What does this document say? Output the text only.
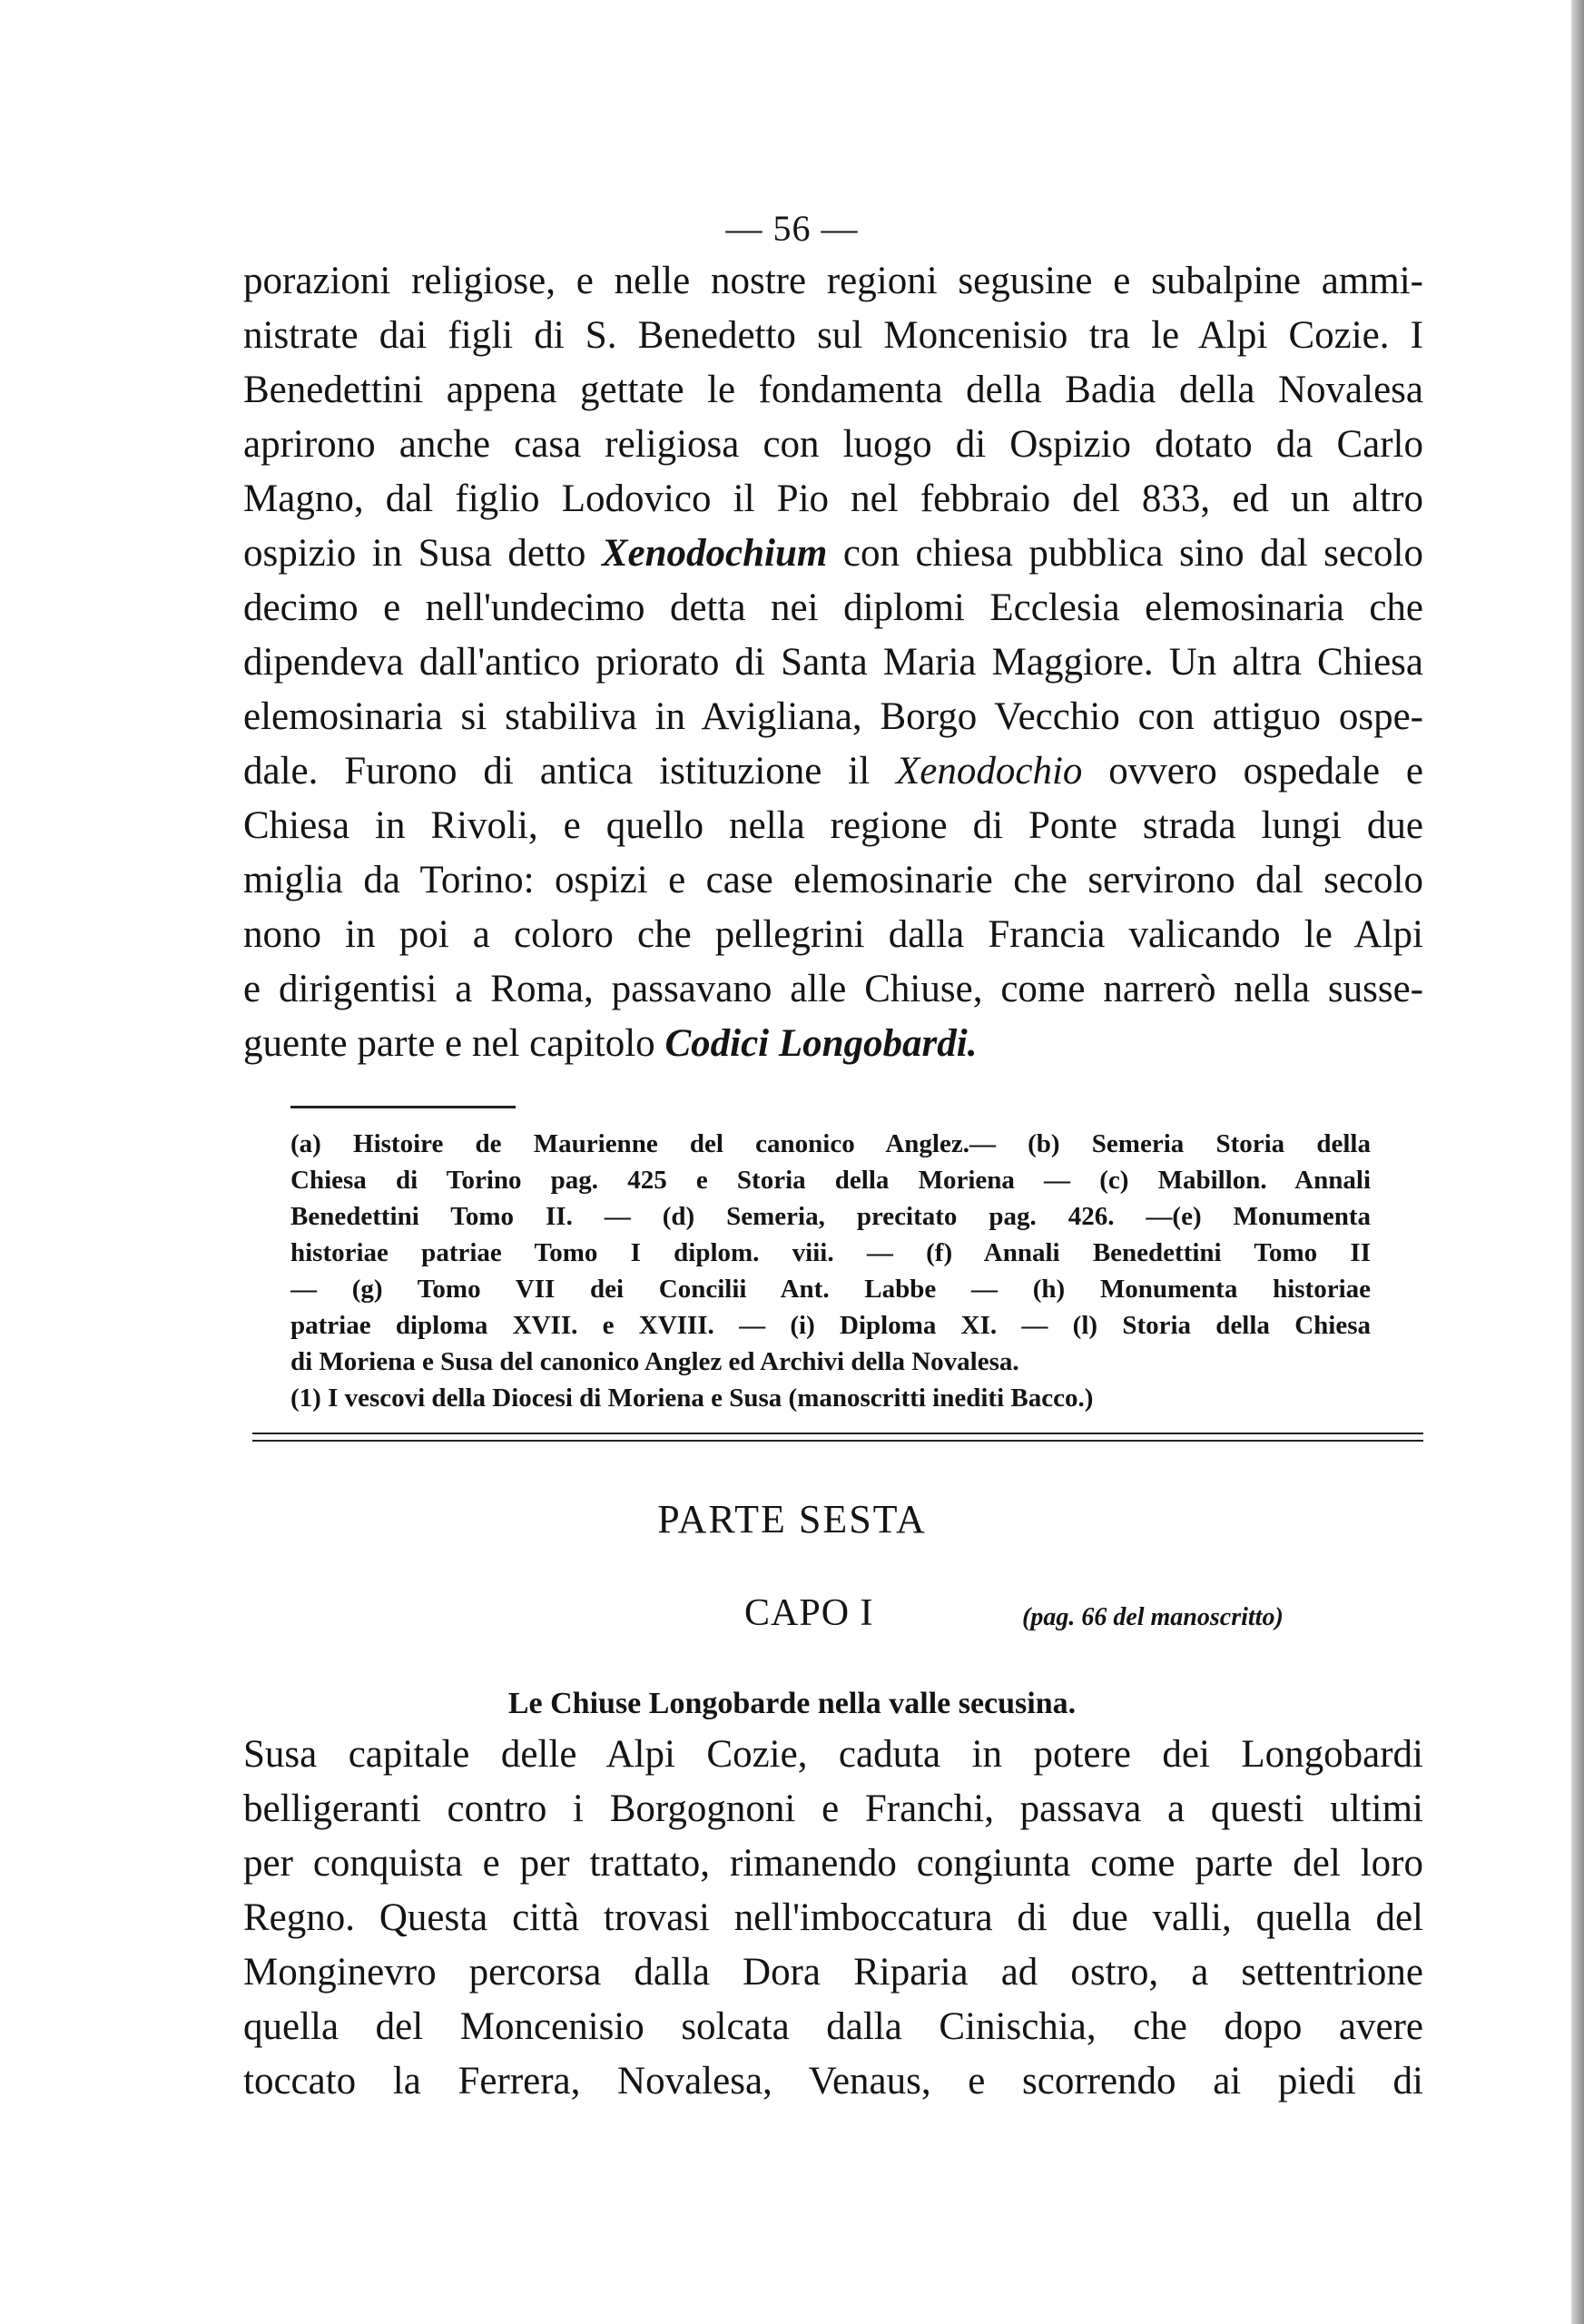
— 56 —
porazioni religiose, e nelle nostre regioni segusine e subalpine ammi-
nistrate dai figli di S. Benedetto sul Moncenisio tra le Alpi Cozie. I
Benedettini appena gettate le fondamenta della Badia della Novalesa
aprirono anche casa religiosa con luogo di Ospizio dotato da Carlo
Magno, dal figlio Lodovico il Pio nel febbraio del 833, ed un altro
ospizio in Susa detto Xenodochium con chiesa pubblica sino dal secolo
decimo e nell'undecimo detta nei diplomi Ecclesia elemosinaria che
dipendeva dall'antico priorato di Santa Maria Maggiore. Un altra Chiesa
elemosinaria si stabiliva in Avigliana, Borgo Vecchio con attiguo ospe-
dale. Furono di antica istituzione il Xenodochio ovvero ospedale e
Chiesa in Rivoli, e quello nella regione di Ponte strada lungi due
miglia da Torino: ospizi e case elemosinarie che servirono dal secolo
nono in poi a coloro che pellegrini dalla Francia valicando le Alpi
e dirigentisi a Roma, passavano alle Chiuse, come narrerò nella susse-
guente parte e nel capitolo Codici Longobardi.
(a) Histoire de Maurienne del canonico Anglez.— (b) Semeria Storia della
Chiesa di Torino pag. 425 e Storia della Moriena — (c) Mabillon. Annali
Benedettini Tomo II. — (d) Semeria, precitato pag. 426. —(e) Monumenta
historiae patriae Tomo I diplom. viii. — (f) Annali Benedettini Tomo II
— (g) Tomo VII dei Concilii Ant. Labbe — (h) Monumenta historiae
patriae diploma XVII. e XVIII. — (i) Diploma XI. — (l) Storia della Chiesa
di Moriena e Susa del canonico Anglez ed Archivi della Novalesa.
(1) I vescovi della Diocesi di Moriena e Susa (manoscritti inediti Bacco.)
PARTE SESTA
CAPO I	(pag. 66 del manoscritto)
Le Chiuse Longobarde nella valle secusina.
Susa capitale delle Alpi Cozie, caduta in potere dei Longobardi
belligeranti contro i Borgognoni e Franchi, passava a questi ultimi
per conquista e per trattato, rimanendo congiunta come parte del loro
Regno. Questa città trovasi nell'imboccatura di due valli, quella del
Monginevro percorsa dalla Dora Riparia ad ostro, a settentrione
quella del Moncenisio solcata dalla Cinischia, che dopo avere
toccato la Ferrera, Novalesa, Venaus, e scorrendo ai piedi di
